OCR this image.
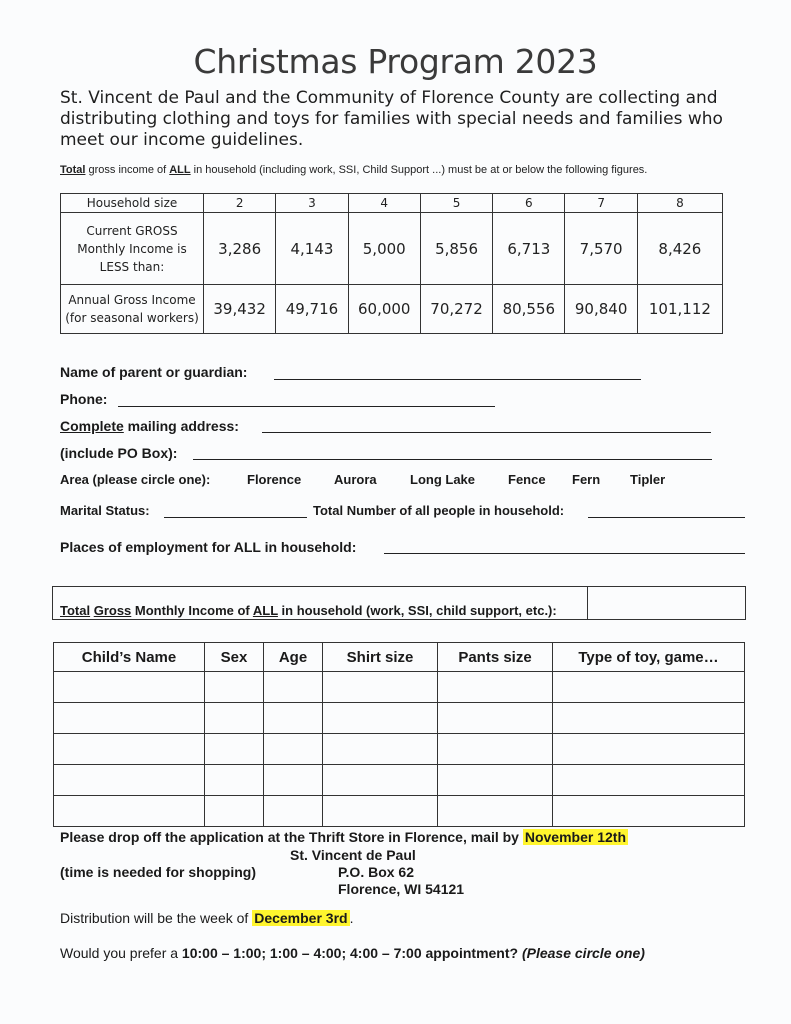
Christmas Program 2023
St. Vincent de Paul and the Community of Florence County are collecting and distributing clothing and toys for families with special needs and families who meet our income guidelines.
Total gross income of ALL in household (including work, SSI, Child Support ...) must be at or below the following figures.
Household size	2	3	4	5	6	7	8
Current GROSS Monthly Income is LESS than:	3,286	4,143	5,000	5,856	6,713	7,570	8,426
Annual Gross Income (for seasonal workers)	39,432	49,716	60,000	70,272	80,556	90,840	101,112
Name of parent or guardian:
Phone:
Complete mailing address:
(include PO Box):
Area (please circle one):	Florence	Aurora	Long Lake	Fence Fern Tipler
Marital Status:	Total Number of all people in household:
Places of employment for ALL in household:
Total Gross Monthly Income of ALL in household (work, SSI, child support, etc.):
Child’s Name	Sex	Age	Shirt size	Pants size	Type of toy, game…

Please drop off the application at the Thrift Store in Florence, mail by November 12th
St. Vincent de Paul
(time is needed for shopping)	P.O. Box 62
Florence, WI 54121
Distribution will be the week of December 3rd .
Would you prefer a 10:00 – 1:00; 1:00 – 4:00; 4:00 – 7:00 appointment? (Please circle one)
